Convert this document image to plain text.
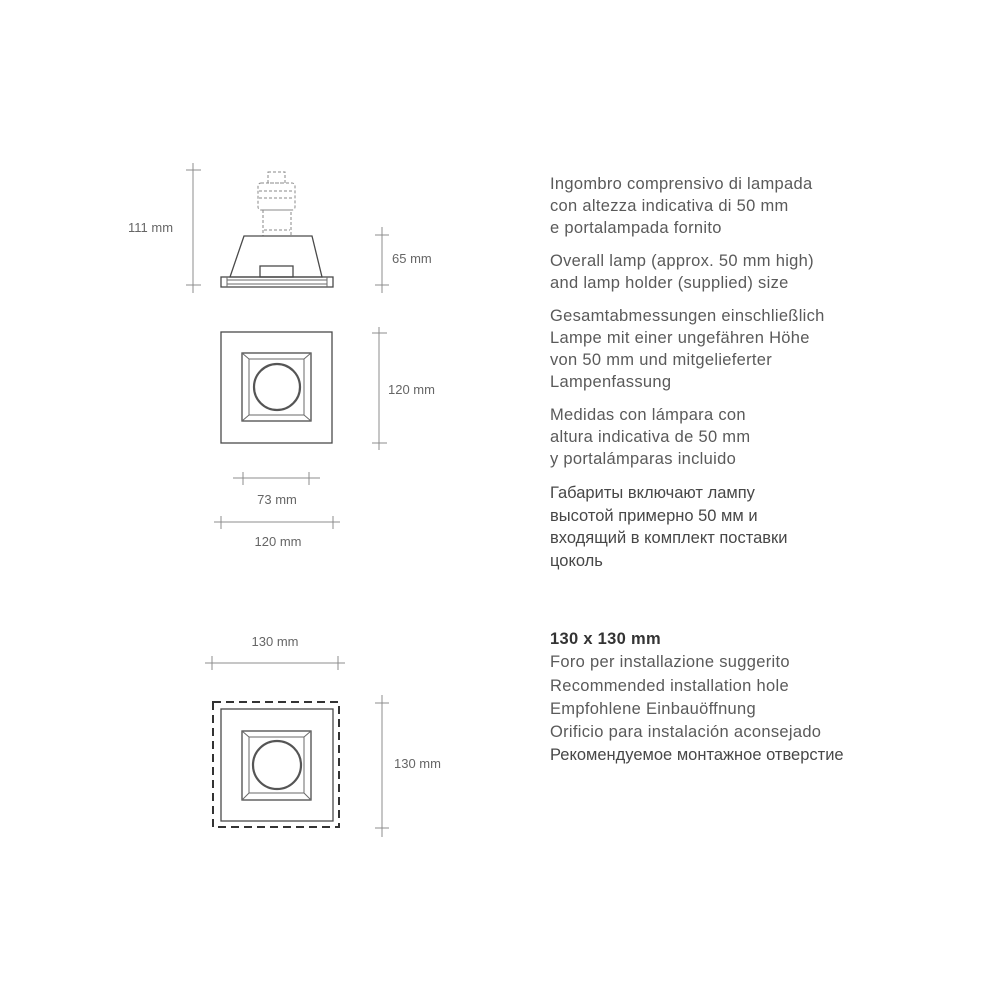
111 mm
65 mm
120 mm
73 mm
120 mm
130 mm
130 mm
Ingombro comprensivo di lampada
con altezza indicativa di 50 mm
e portalampada fornito
Overall lamp (approx. 50 mm high)
and lamp holder (supplied) size
Gesamtabmessungen einschließlich
Lampe mit einer ungefähren Höhe
von 50 mm und mitgelieferter
Lampenfassung
Medidas con lámpara con
altura indicativa de 50 mm
y portalámparas incluido
Габариты включают лампу
высотой примерно 50 мм и
входящий в комплект поставки
цоколь
130 x 130 mm
Foro per installazione suggerito
Recommended installation hole
Empfohlene Einbauöffnung
Orificio para instalación aconsejado
Рекомендуемое монтажное отверстие
